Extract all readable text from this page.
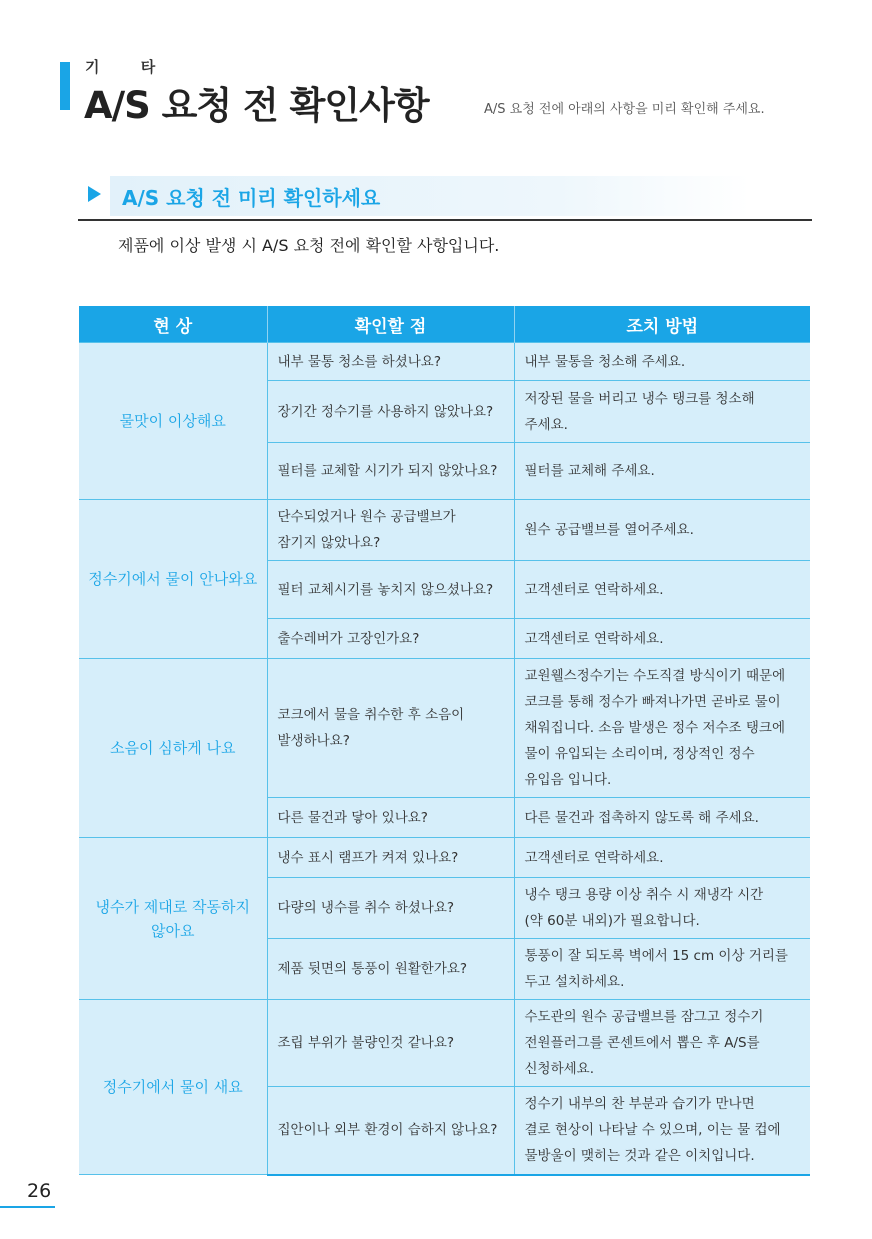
기 타
A/S 요청 전 확인사항	A/S 요청 전에 아래의 사항을 미리 확인해 주세요.
A/S 요청 전 미리 확인하세요
제품에 이상 발생 시 A/S 요청 전에 확인할 사항입니다.
현 상	확인할 점	조치 방법
물맛이 이상해요	내부 물통 청소를 하셨나요?	내부 물통을 청소해 주세요.
	장기간 정수기를 사용하지 않았나요?	저장된 물을 버리고 냉수 탱크를 청소해
주세요.
	필터를 교체할 시기가 되지 않았나요?	필터를 교체해 주세요.
정수기에서 물이 안나와요	단수되었거나 원수 공급밸브가
잠기지 않았나요?	원수 공급밸브를 열어주세요.
	필터 교체시기를 놓치지 않으셨나요?	고객센터로 연락하세요.
	출수레버가 고장인가요?	고객센터로 연락하세요.
소음이 심하게 나요	코크에서 물을 취수한 후 소음이
발생하나요?	교원웰스정수기는 수도직결 방식이기 때문에
코크를 통해 정수가 빠져나가면 곧바로 물이
채워집니다. 소음 발생은 정수 저수조 탱크에
물이 유입되는 소리이며, 정상적인 정수
유입음 입니다.
	다른 물건과 닿아 있나요?	다른 물건과 접촉하지 않도록 해 주세요.
냉수가 제대로 작동하지
않아요	냉수 표시 램프가 켜져 있나요?	고객센터로 연락하세요.
	다량의 냉수를 취수 하셨나요?	냉수 탱크 용량 이상 취수 시 재냉각 시간
(약 60분 내외)가 필요합니다.
	제품 뒷면의 통풍이 원활한가요?	통풍이 잘 되도록 벽에서 15 cm 이상 거리를
두고 설치하세요.
정수기에서 물이 새요	조립 부위가 불량인것 같나요?	수도관의 원수 공급밸브를 잠그고 정수기
전원플러그를 콘센트에서 뽑은 후 A/S를
신청하세요.
	집안이나 외부 환경이 습하지 않나요?	정수기 내부의 찬 부분과 습기가 만나면
결로 현상이 나타날 수 있으며, 이는 물 컵에
물방울이 맺히는 것과 같은 이치입니다.
26
